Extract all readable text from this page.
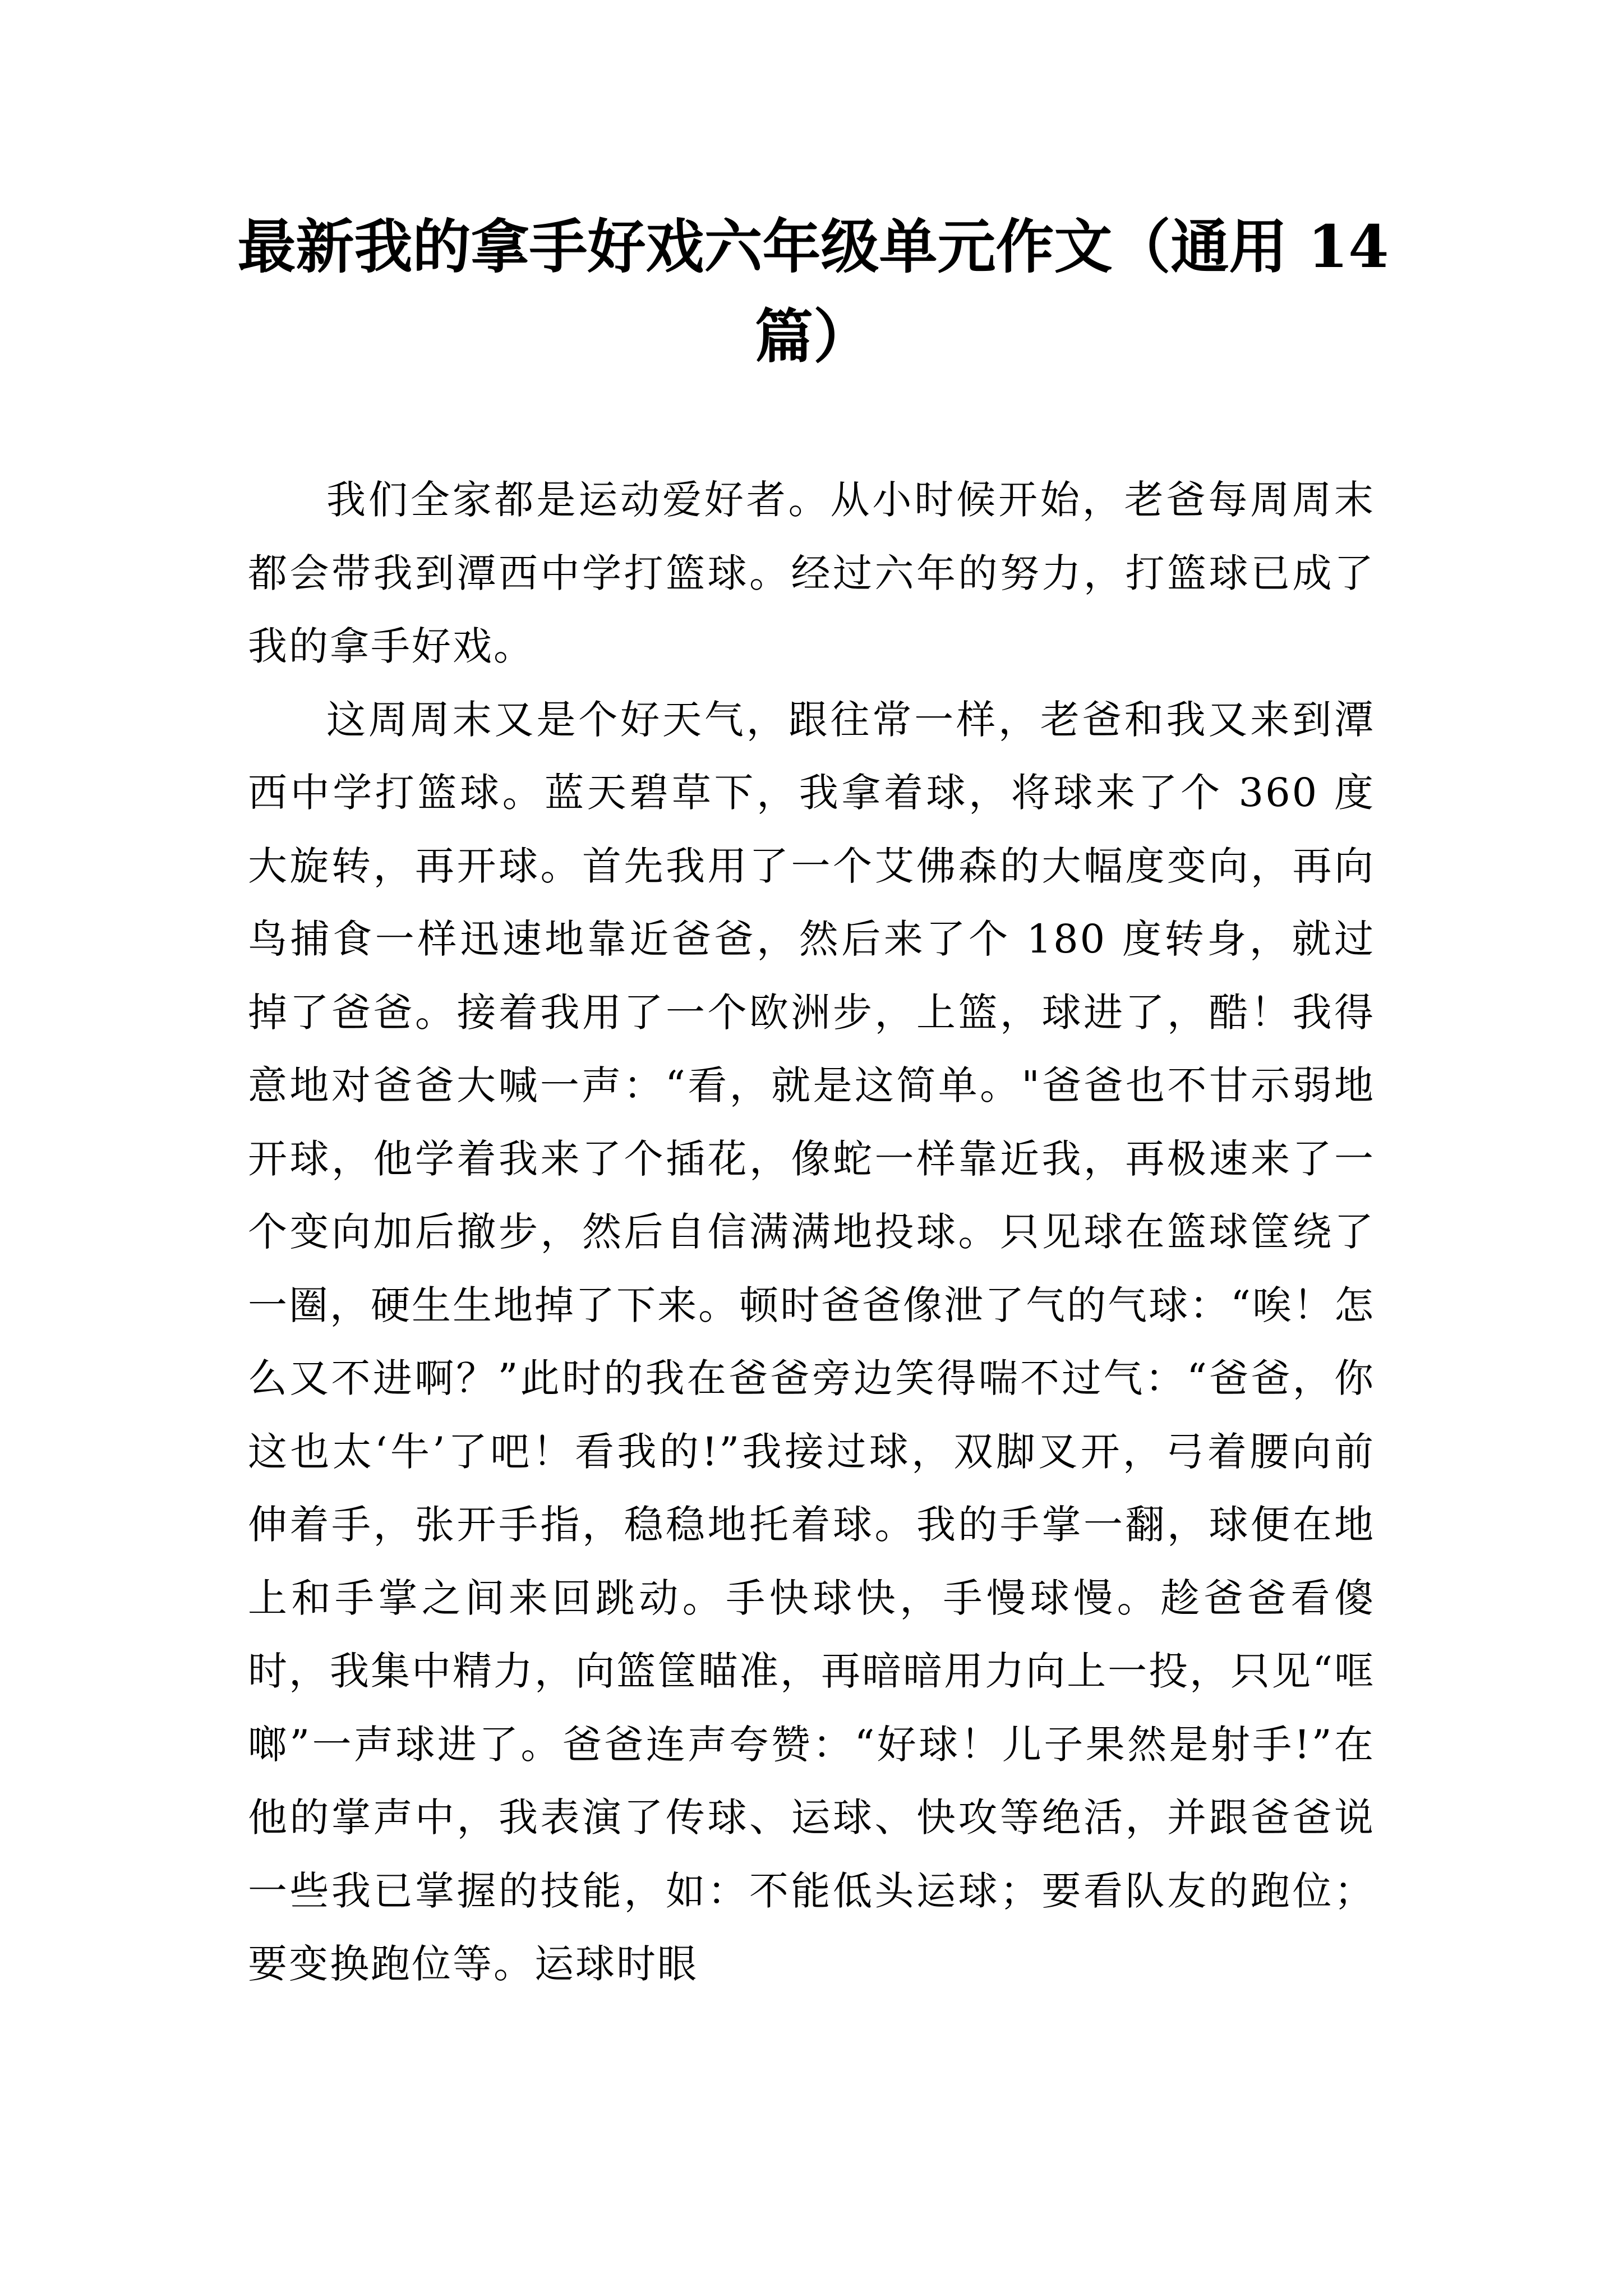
最新我的拿手好戏六年级单元作文（通用 14 篇）

我们全家都是运动爱好者。从小时候开始，老爸每周周末都会带我到潭西中学打篮球。经过六年的努力，打篮球已成了我的拿手好戏。

这周周末又是个好天气，跟往常一样，老爸和我又来到潭西中学打篮球。蓝天碧草下，我拿着球，将球来了个 360 度大旋转，再开球。首先我用了一个艾佛森的大幅度变向，再向鸟捕食一样迅速地靠近爸爸，然后来了个 180 度转身，就过掉了爸爸。接着我用了一个欧洲步，上篮，球进了，酷！我得意地对爸爸大喊一声：“看，就是这简单。"爸爸也不甘示弱地开球，他学着我来了个插花，像蛇一样靠近我，再极速来了一个变向加后撤步，然后自信满满地投球。只见球在篮球筐绕了一圈，硬生生地掉了下来。顿时爸爸像泄了气的气球：“唉！怎么又不进啊？”此时的我在爸爸旁边笑得喘不过气：“爸爸，你这也太‘牛’了吧！看我的!”我接过球，双脚叉开，弓着腰向前伸着手，张开手指，稳稳地托着球。我的手掌一翻，球便在地上和手掌之间来回跳动。手快球快，手慢球慢。趁爸爸看傻时，我集中精力，向篮筐瞄准，再暗暗用力向上一投，只见“哐啷”一声球进了。爸爸连声夸赞：“好球！儿子果然是射手!”在他的掌声中，我表演了传球、运球、快攻等绝活，并跟爸爸说一些我已掌握的技能，如：不能低头运球；要看队友的跑位；要变换跑位等。运球时眼
